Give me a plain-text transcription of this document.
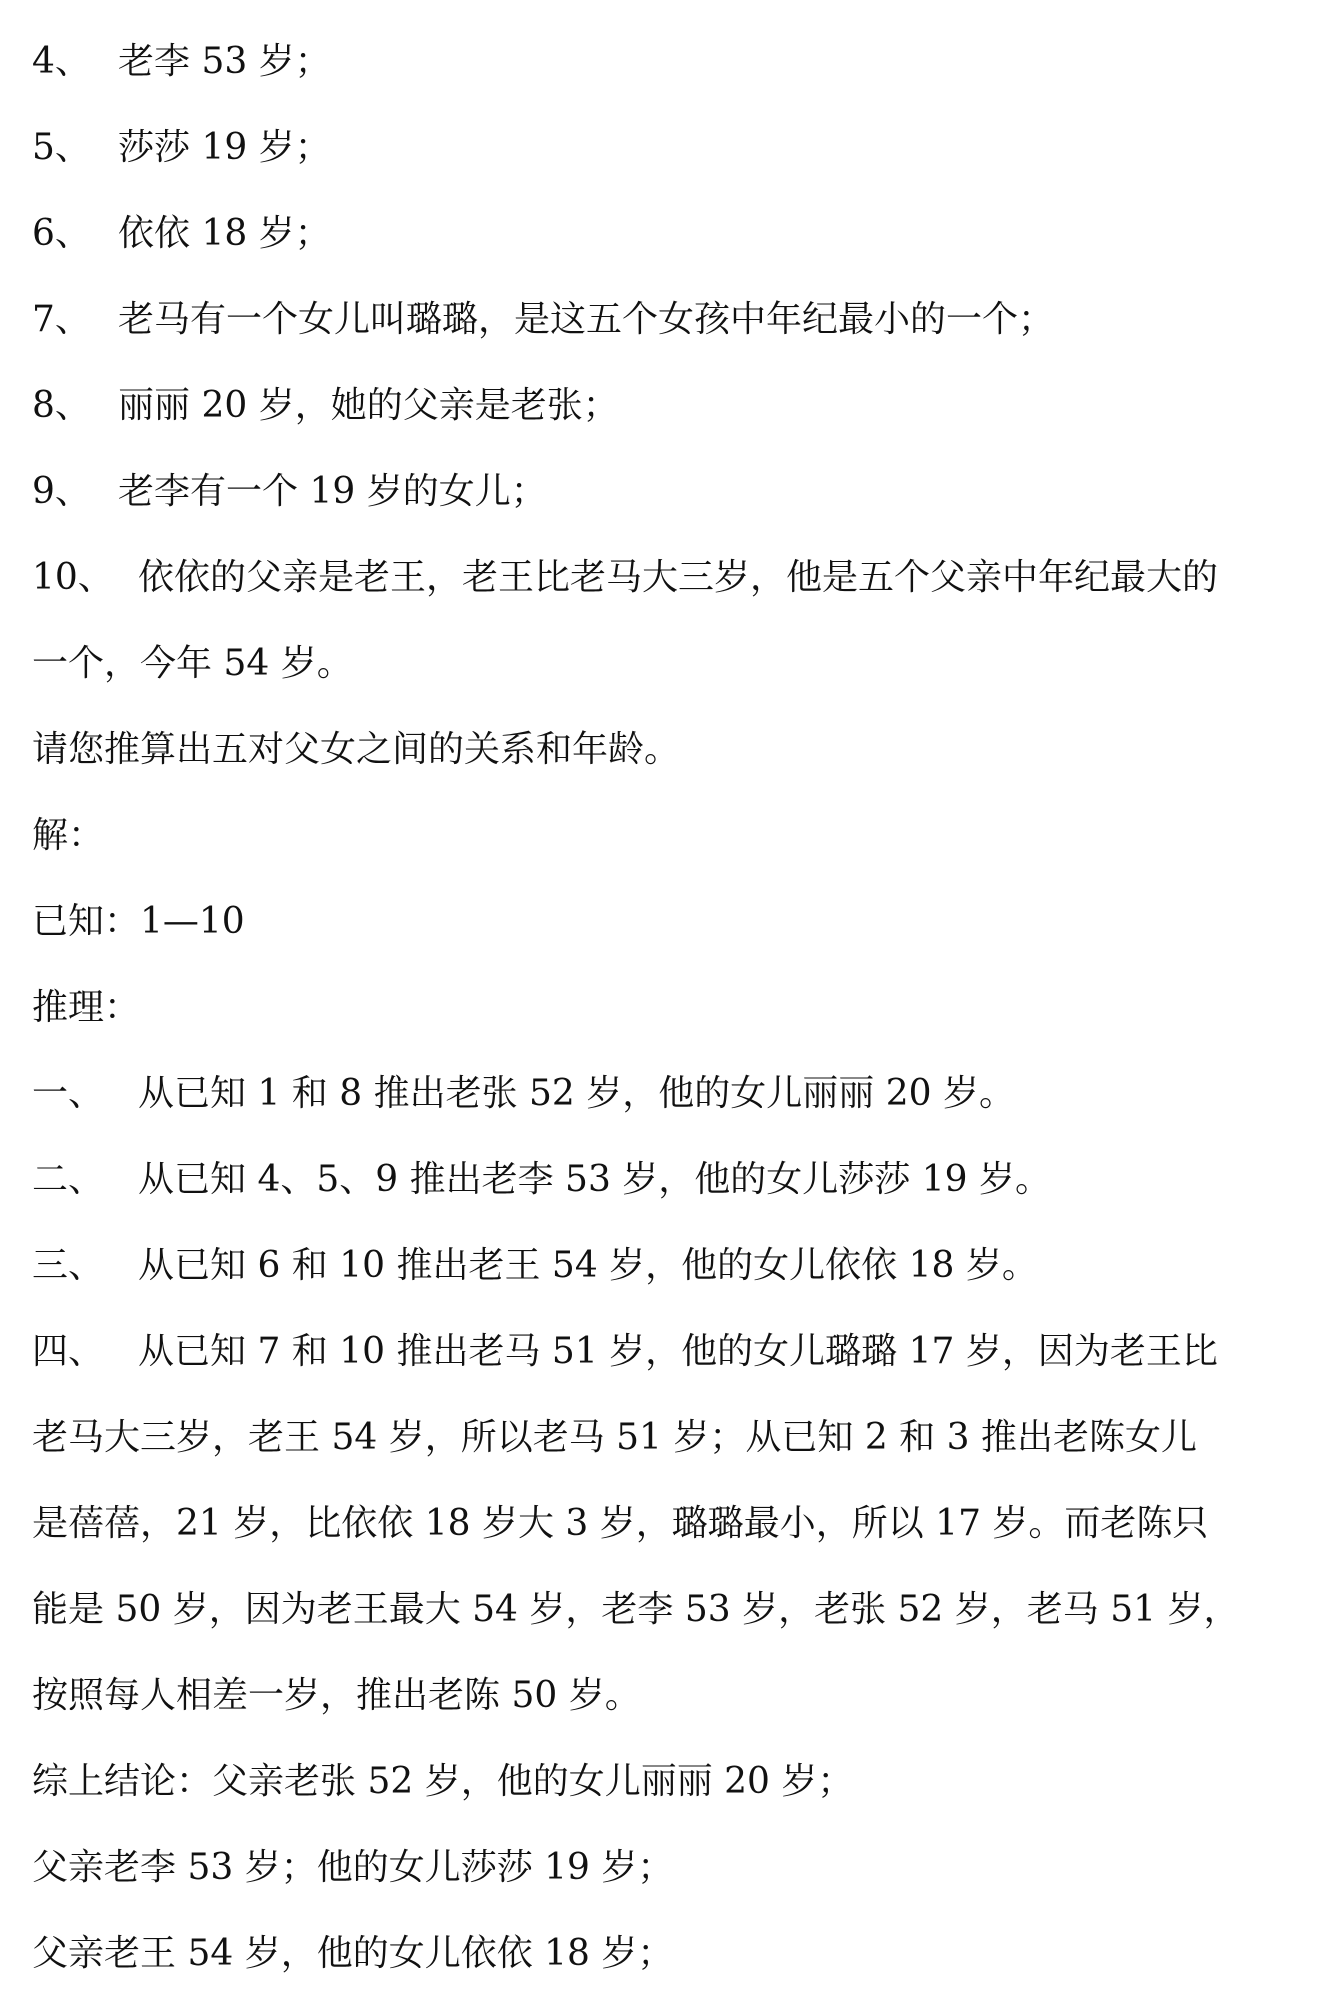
4、 老李 53 岁；
5、 莎莎 19 岁；
6、 依依 18 岁；
7、 老马有一个女儿叫璐璐，是这五个女孩中年纪最小的一个；
8、 丽丽 20 岁，她的父亲是老张；
9、 老李有一个 19 岁的女儿；
10、 依依的父亲是老王，老王比老马大三岁，他是五个父亲中年纪最大的
一个，今年 54 岁。
请您推算出五对父女之间的关系和年龄。
解：
已知：1—10
推理：
一、 从已知 1 和 8 推出老张 52 岁，他的女儿丽丽 20 岁。
二、 从已知 4、5、9 推出老李 53 岁，他的女儿莎莎 19 岁。
三、 从已知 6 和 10 推出老王 54 岁，他的女儿依依 18 岁。
四、 从已知 7 和 10 推出老马 51 岁，他的女儿璐璐 17 岁，因为老王比
老马大三岁，老王 54 岁，所以老马 51 岁；从已知 2 和 3 推出老陈女儿
是蓓蓓，21 岁，比依依 18 岁大 3 岁，璐璐最小，所以 17 岁。而老陈只
能是 50 岁，因为老王最大 54 岁，老李 53 岁，老张 52 岁，老马 51 岁，
按照每人相差一岁，推出老陈 50 岁。
综上结论：父亲老张 52 岁，他的女儿丽丽 20 岁；
父亲老李 53 岁；他的女儿莎莎 19 岁；
父亲老王 54 岁，他的女儿依依 18 岁；
